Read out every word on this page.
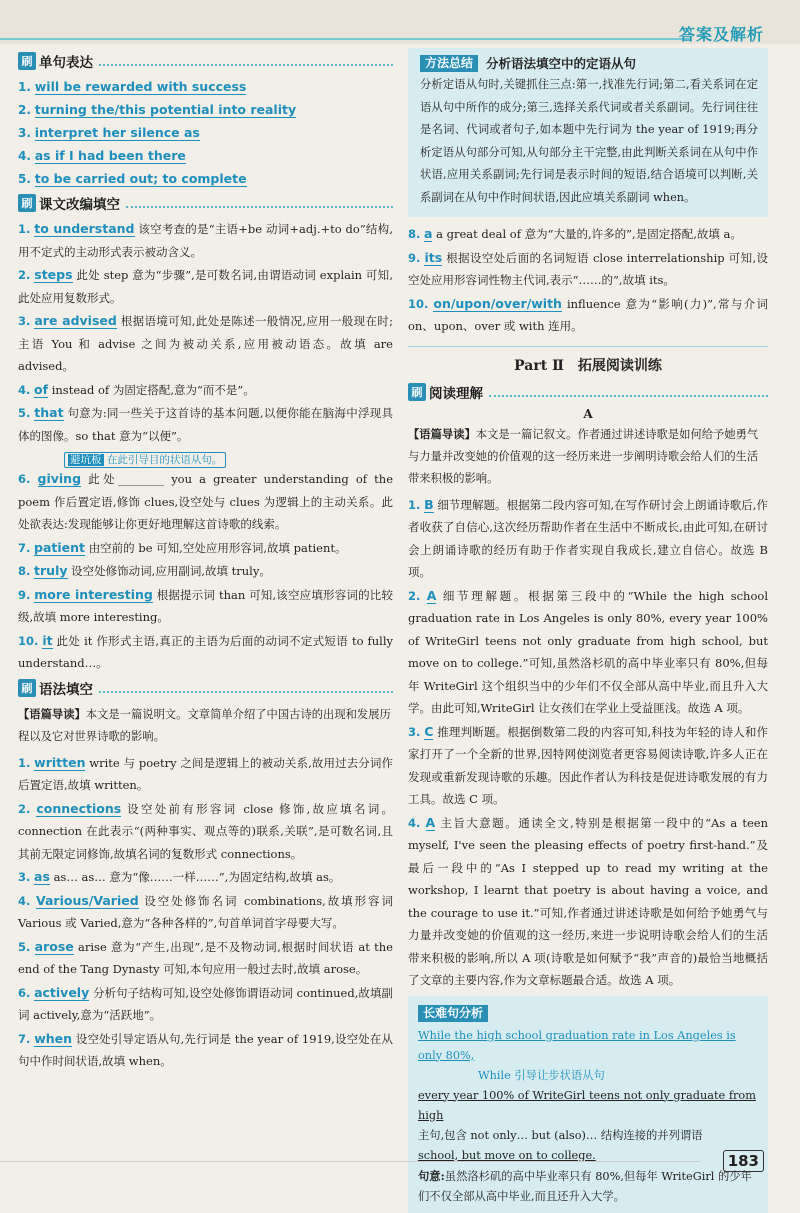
答案及解析
刷 单句表达
1. will be rewarded with success
2. turning the/this potential into reality
3. interpret her silence as
4. as if I had been there
5. to be carried out; to complete
刷 课文改编填空
1. to understand 该空考查的是“主语+be 动词+adj.+to do”结构,用不定式的主动形式表示被动含义。
2. steps 此处 step 意为“步骤”,是可数名词,由谓语动词 explain 可知,此处应用复数形式。
3. are advised 根据语境可知,此处是陈述一般情况,应用一般现在时;主语 You 和 advise 之间为被动关系,应用被动语态。故填 are advised。
4. of instead of 为固定搭配,意为“而不是”。
5. that 句意为:同一些关于这首诗的基本问题,以便你能在脑海中浮现具体的图像。so that 意为“以便”。
避坑板 在此引导目的状语从句。
6. giving 此处________ you a greater understanding of the poem 作后置定语,修饰 clues,设空处与 clues 为逻辑上的主动关系。此处欲表达:发现能够让你更好地理解这首诗歌的线索。
7. patient 由空前的 be 可知,空处应用形容词,故填 patient。
8. truly 设空处修饰动词,应用副词,故填 truly。
9. more interesting 根据提示词 than 可知,该空应填形容词的比较级,故填 more interesting。
10. it 此处 it 作形式主语,真正的主语为后面的动词不定式短语 to fully understand…。
刷 语法填空
【语篇导读】本文是一篇说明文。文章简单介绍了中国古诗的出现和发展历程以及它对世界诗歌的影响。
1. written write 与 poetry 之间是逻辑上的被动关系,故用过去分词作后置定语,故填 written。
2. connections 设空处前有形容词 close 修饰,故应填名词。connection 在此表示“(两种事实、观点等的)联系,关联”,是可数名词,且其前无限定词修饰,故填名词的复数形式 connections。
3. as as… as… 意为“像……一样……”,为固定结构,故填 as。
4. Various/Varied 设空处修饰名词 combinations,故填形容词 Various 或 Varied,意为“各种各样的”,句首单词首字母要大写。
5. arose arise 意为“产生,出现”,是不及物动词,根据时间状语 at the end of the Tang Dynasty 可知,本句应用一般过去时,故填 arose。
6. actively 分析句子结构可知,设空处修饰谓语动词 continued,故填副词 actively,意为“活跃地”。
7. when 设空处引导定语从句,先行词是 the year of 1919,设空处在从句中作时间状语,故填 when。
方法总结	分析语法填空中的定语从句

分析定语从句时,关键抓住三点:第一,找准先行词;第二,看关系词在定语从句中所作的成分;第三,选择关系代词或者关系副词。先行词往往是名词、代词或者句子,如本题中先行词为 the year of 1919;再分析定语从句部分可知,从句部分主干完整,由此判断关系词在从句中作状语,应用关系副词;先行词是表示时间的短语,结合语境可以判断,关系副词在从句中作时间状语,因此应填关系副词 when。

8. a a great deal of 意为“大量的,许多的”,是固定搭配,故填 a。
9. its 根据设空处后面的名词短语 close interrelationship 可知,设空处应用形容词性物主代词,表示“……的”,故填 its。
10. on/upon/over/with influence 意为“影响(力)”,常与介词 on、upon、over 或 with 连用。
Part Ⅱ　拓展阅读训练
刷 阅读理解
A
【语篇导读】本文是一篇记叙文。作者通过讲述诗歌是如何给予她勇气与力量并改变她的价值观的这一经历来进一步阐明诗歌会给人们的生活带来积极的影响。
1. B 细节理解题。根据第二段内容可知,在写作研讨会上朗诵诗歌后,作者收获了自信心,这次经历帮助作者在生活中不断成长,由此可知,在研讨会上朗诵诗歌的经历有助于作者实现自我成长,建立自信心。故选 B 项。
2. A 细节理解题。根据第三段中的“While the high school graduation rate in Los Angeles is only 80%, every year 100% of WriteGirl teens not only graduate from high school, but move on to college.”可知,虽然洛杉矶的高中毕业率只有 80%,但每年 WriteGirl 这个组织当中的少年们不仅全部从高中毕业,而且升入大学。由此可知,WriteGirl 让女孩们在学业上受益匪浅。故选 A 项。
3. C 推理判断题。根据倒数第二段的内容可知,科技为年轻的诗人和作家打开了一个全新的世界,因特网使浏览者更容易阅读诗歌,许多人正在发现或重新发现诗歌的乐趣。因此作者认为科技是促进诗歌发展的有力工具。故选 C 项。
4. A 主旨大意题。通读全文,特别是根据第一段中的“As a teen myself, I've seen the pleasing effects of poetry first-hand.”及最后一段中的“As I stepped up to read my writing at the workshop, I learnt that poetry is about having a voice, and the courage to use it.”可知,作者通过讲述诗歌是如何给予她勇气与力量并改变她的价值观的这一经历,来进一步说明诗歌会给人们的生活带来积极的影响,所以 A 项(诗歌是如何赋予“我”声音的)最恰当地概括了文章的主要内容,作为文章标题最合适。故选 A 项。
长难句分析

While the high school graduation rate in Los Angeles is only 80%,

While 引导让步状语从句

every year 100% of WriteGirl teens not only graduate from high

主句,包含 not only… but (also)… 结构连接的并列谓语

school, but move on to college.

句意:虽然洛杉矶的高中毕业率只有 80%,但每年 WriteGirl 的少年们不仅全部从高中毕业,而且还升入大学。

183
